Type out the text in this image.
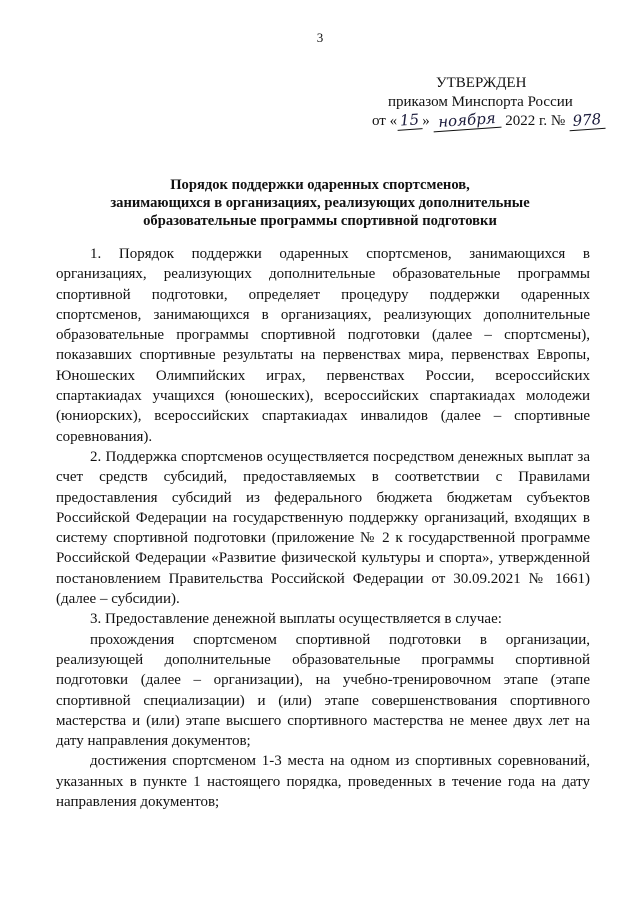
3
УТВЕРЖДЕН
приказом Минспорта России
от « 15 » ноября 2022 г. № 978
Порядок поддержки одаренных спортсменов,
занимающихся в организациях, реализующих дополнительные
образовательные программы спортивной подготовки

1. Порядок поддержки одаренных спортсменов, занимающихся в организациях, реализующих дополнительные образовательные программы спортивной подготовки, определяет процедуру поддержки одаренных спортсменов, занимающихся в организациях, реализующих дополнительные образовательные программы спортивной подготовки (далее – спортсмены), показавших спортивные результаты на первенствах мира, первенствах Европы, Юношеских Олимпийских играх, первенствах России, всероссийских спартакиадах учащихся (юношеских), всероссийских спартакиадах молодежи (юниорских), всероссийских спартакиадах инвалидов (далее – спортивные соревнования).

2. Поддержка спортсменов осуществляется посредством денежных выплат за счет средств субсидий, предоставляемых в соответствии с Правилами предоставления субсидий из федерального бюджета бюджетам субъектов Российской Федерации на государственную поддержку организаций, входящих в систему спортивной подготовки (приложение № 2 к государственной программе Российской Федерации «Развитие физической культуры и спорта», утвержденной постановлением Правительства Российской Федерации от 30.09.2021 № 1661) (далее – субсидии).

3. Предоставление денежной выплаты осуществляется в случае:

прохождения спортсменом спортивной подготовки в организации, реализующей дополнительные образовательные программы спортивной подготовки (далее – организации), на учебно-тренировочном этапе (этапе спортивной специализации) и (или) этапе совершенствования спортивного мастерства и (или) этапе высшего спортивного мастерства не менее двух лет на дату направления документов;

достижения спортсменом 1-3 места на одном из спортивных соревнований, указанных в пункте 1 настоящего порядка, проведенных в течение года на дату направления документов;
